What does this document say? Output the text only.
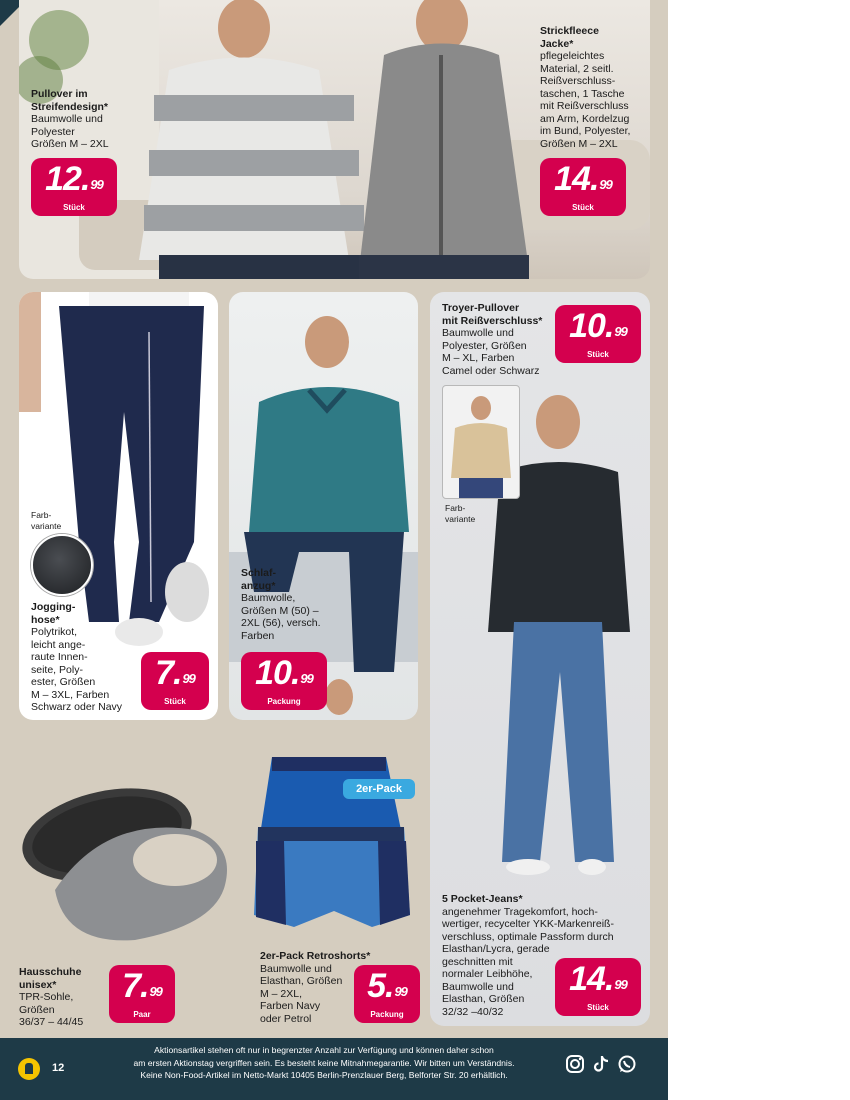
Pullover im Streifendesign*
Baumwolle und
Polyester
Größen M – 2XL
12.99
Stück
Strickfleece
Jacke*
pflegeleichtes
Material, 2 seitl.
Reißverschluss-
taschen, 1 Tasche
mit Reißverschluss
am Arm, Kordelzug
im Bund, Polyester,
Größen M – 2XL
14.99
Stück
Farb-
variante
Jogging-
hose*
Polytrikot,
leicht ange-
raute Innen-
seite, Poly-
ester, Größen
M – 3XL, Farben
Schwarz oder Navy
7.99
Stück
Schlaf-
anzug*
Baumwolle,
Größen M (50) –
2XL (56), versch.
Farben
10.99
Packung
Troyer-Pullover
mit Reißverschluss*
Baumwolle und
Polyester, Größen
M – XL, Farben
Camel oder Schwarz
10.99
Stück
Farb-
variante
5 Pocket-Jeans*
angenehmer Tragekomfort, hoch-
wertiger, recycelter YKK-Markenreiß-
verschluss, optimale Passform durch
Elasthan/Lycra, gerade
geschnitten mit
normaler Leibhöhe,
Baumwolle und
Elasthan, Größen
32/32 –40/32
14.99
Stück
Hausschuhe
unisex*
TPR-Sohle,
Größen
36/37 – 44/45
7.99
Paar
2er-Pack
2er-Pack Retroshorts*
Baumwolle und
Elasthan, Größen
M – 2XL,
Farben Navy
oder Petrol
5.99
Packung
12
Aktionsartikel stehen oft nur in begrenzter Anzahl zur Verfügung und können daher schon
am ersten Aktionstag vergriffen sein. Es besteht keine Mitnahmegarantie. Wir bitten um Verständnis.
Keine Non-Food-Artikel im Netto-Markt 10405 Berlin-Prenzlauer Berg, Belforter Str. 20 erhältlich.
